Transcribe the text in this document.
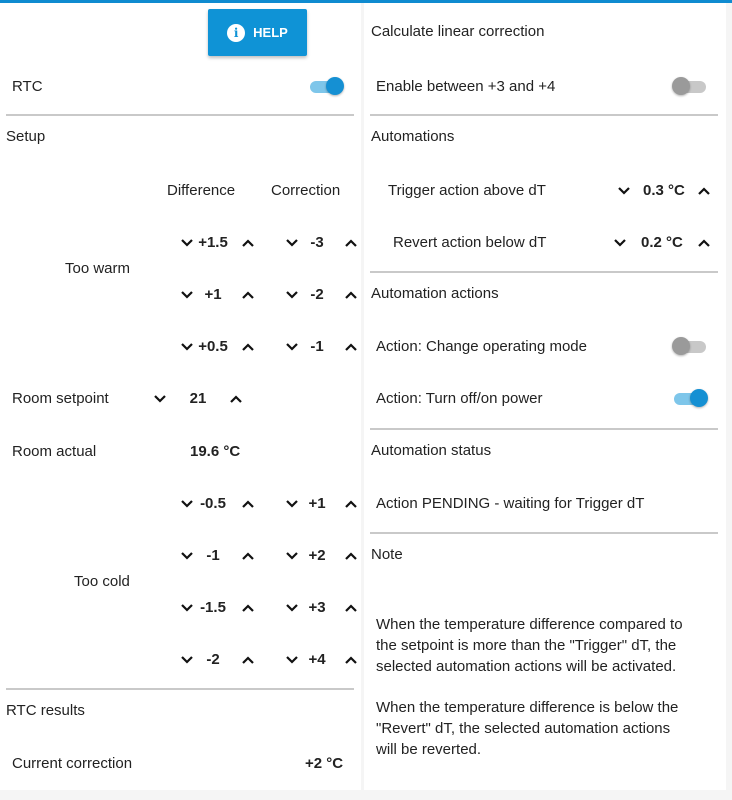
i	HELP
RTC
Setup
Difference Correction
Too warm
+1.5	-3
+1	-2
+0.5	-1
Room setpoint	21
Room actual	19.6 °C
Too cold
-0.5	+1
-1	+2
-1.5	+3
-2	+4
RTC results
Current correction	+2 °C
Calculate linear correction
Enable between +3 and +4
Automations
Trigger action above dT	0.3 °C
Revert action below dT	0.2 °C
Automation actions
Action: Change operating mode
Action: Turn off/on power
Automation status
Action PENDING - waiting for Trigger dT
Note
When the temperature difference compared to
the setpoint is more than the "Trigger" dT, the
selected automation actions will be activated.
When the temperature difference is below the
"Revert" dT, the selected automation actions
will be reverted.
